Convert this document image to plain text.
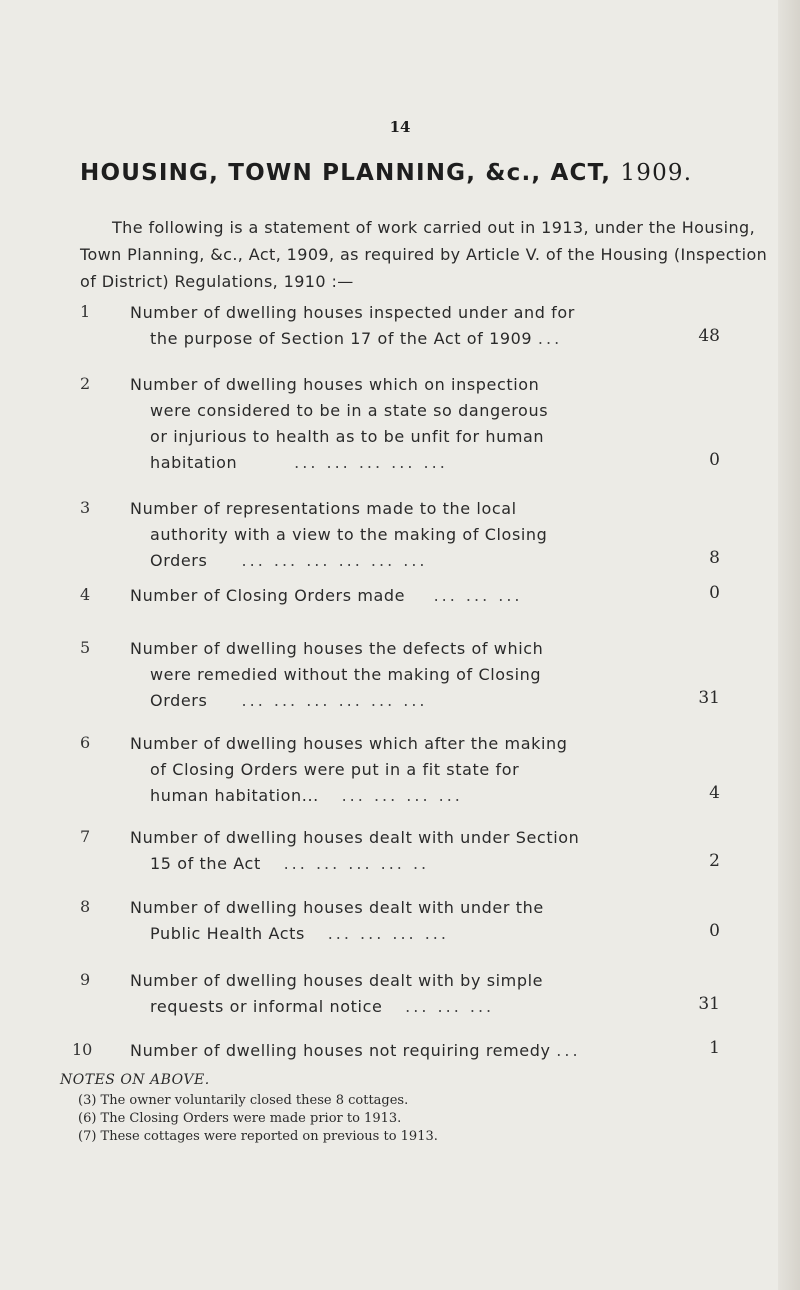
14
HOUSING, TOWN PLANNING, &c., ACT, 1909.
The following is a statement of work carried out in 1913, under the Housing, Town Planning, &c., Act, 1909, as required by Article V. of the Housing (Inspection of District) Regulations, 1910 :—
1	Number of dwelling houses inspected under and for
the purpose of Section 17 of the Act of 1909 ...	48
2	Number of dwelling houses which on inspection
were considered to be in a state so dangerous
or injurious to health as to be unfit for human
habitation	... ... ... ... ...	0
3	Number of representations made to the local
authority with a view to the making of Closing
Orders ... ... ... ... ... ...	8
4	Number of Closing Orders made ... ... ...	0
5	Number of dwelling houses the defects of which
were remedied without the making of Closing
Orders ... ... ... ... ... ...	31
6	Number of dwelling houses which after the making
of Closing Orders were put in a fit state for
human habitation... ... ... ... ...	4
7	Number of dwelling houses dealt with under Section
15 of the Act ... ... ... ... ..	2
8	Number of dwelling houses dealt with under the
Public Health Acts ... ... ... ...	0
9	Number of dwelling houses dealt with by simple
requests or informal notice ... ... ...	31
10	Number of dwelling houses not requiring remedy ...	1
NOTES ON ABOVE.
(3) The owner voluntarily closed these 8 cottages.
(6) The Closing Orders were made prior to 1913.
(7) These cottages were reported on previous to 1913.
